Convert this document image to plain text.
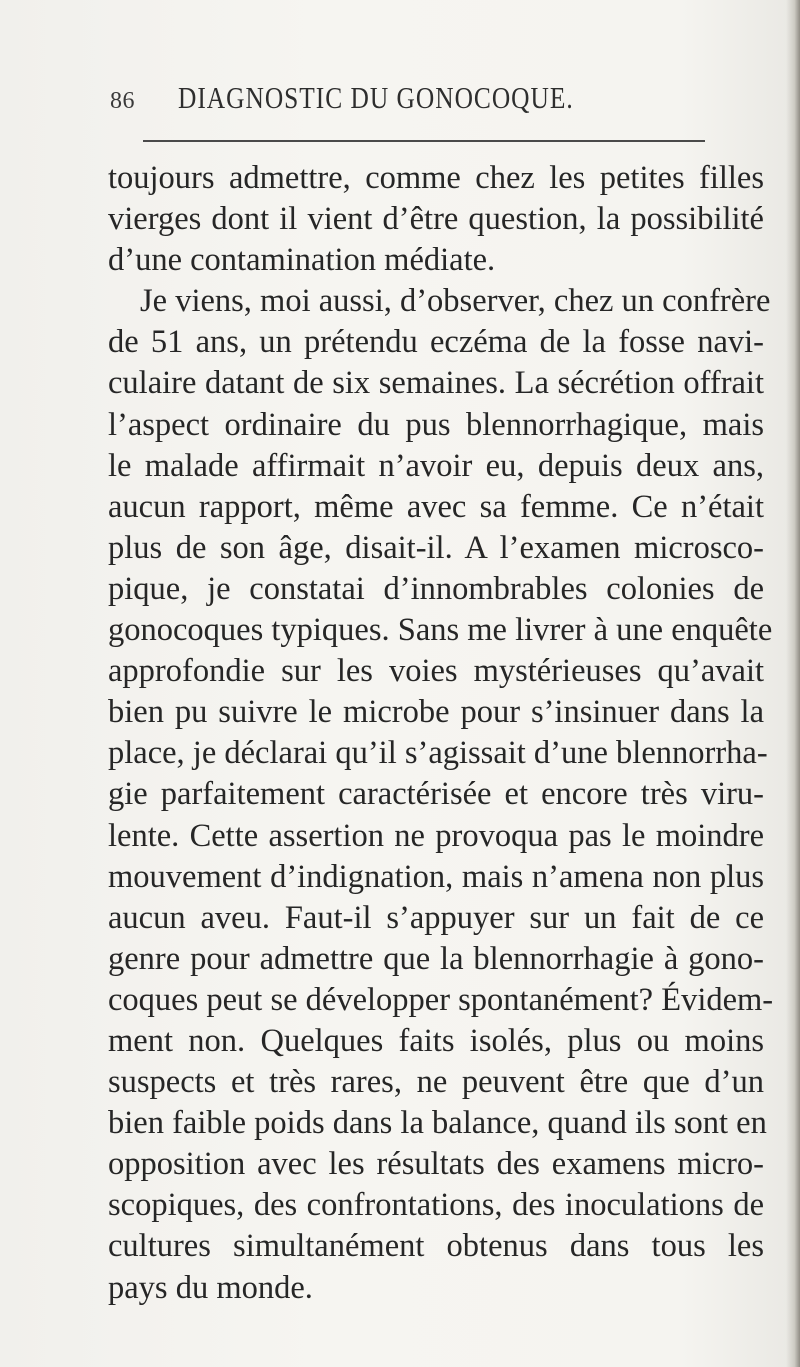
86 DIAGNOSTIC DU GONOCOQUE.
toujours admettre, comme chez les petites filles
vierges dont il vient d’être question, la possibilité
d’une contamination médiate.
Je viens, moi aussi, d’observer, chez un confrère
de 51 ans, un prétendu eczéma de la fosse navi-
culaire datant de six semaines. La sécrétion offrait
l’aspect ordinaire du pus blennorrhagique, mais
le malade affirmait n’avoir eu, depuis deux ans,
aucun rapport, même avec sa femme. Ce n’était
plus de son âge, disait-il. A l’examen microsco-
pique, je constatai d’innombrables colonies de
gonocoques typiques. Sans me livrer à une enquête
approfondie sur les voies mystérieuses qu’avait
bien pu suivre le microbe pour s’insinuer dans la
place, je déclarai qu’il s’agissait d’une blennorrha-
gie parfaitement caractérisée et encore très viru-
lente. Cette assertion ne provoqua pas le moindre
mouvement d’indignation, mais n’amena non plus
aucun aveu. Faut-il s’appuyer sur un fait de ce
genre pour admettre que la blennorrhagie à gono-
coques peut se développer spontanément? Évidem-
ment non. Quelques faits isolés, plus ou moins
suspects et très rares, ne peuvent être que d’un
bien faible poids dans la balance, quand ils sont en
opposition avec les résultats des examens micro-
scopiques, des confrontations, des inoculations de
cultures simultanément obtenus dans tous les
pays du monde.
